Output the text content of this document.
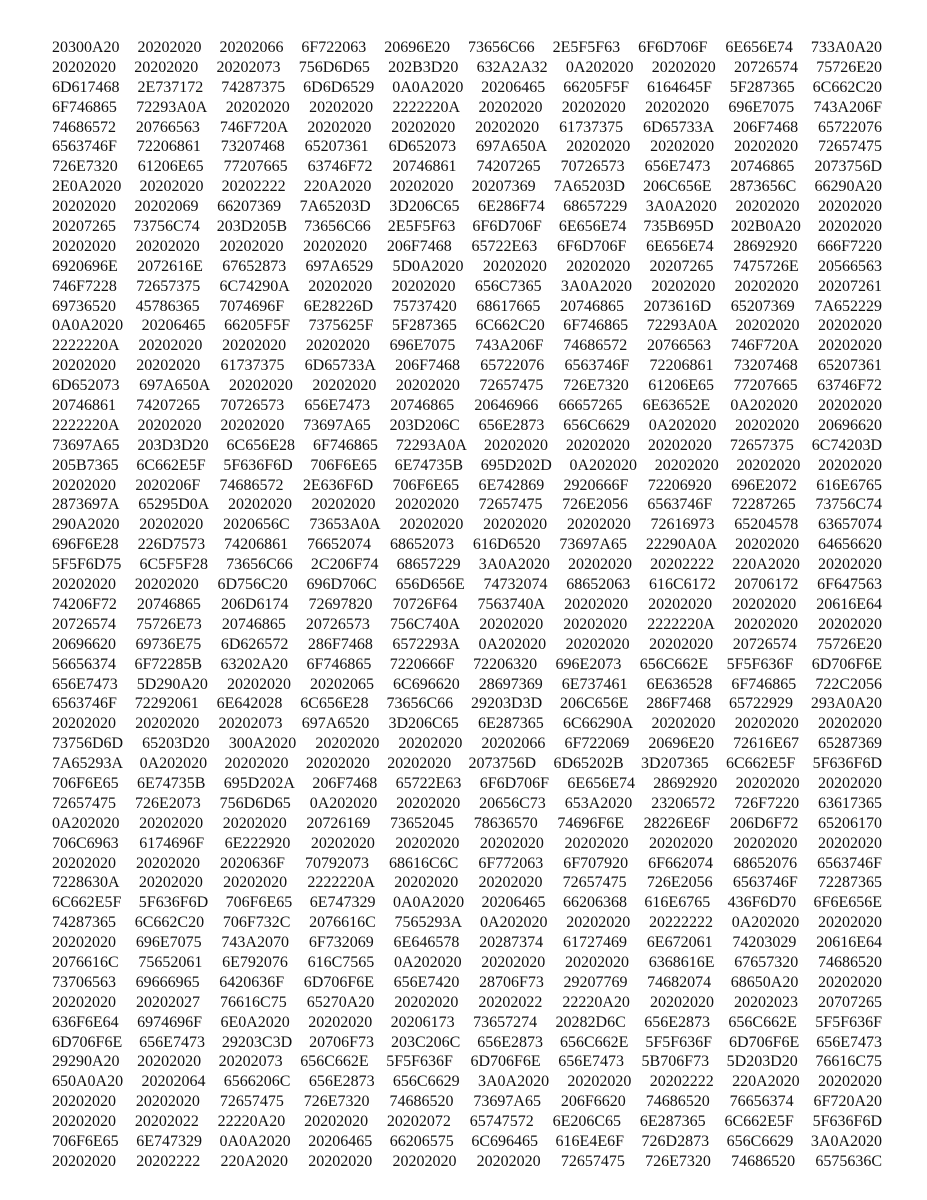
20300A20 20202020 20202066 6F722063 20696E20 73656C66 2E5F5F63 6F6D706F 6E656E74 733A0A20
20202020 20202020 20202073 756D6D65 202B3D20 632A2A32 0A202020 20202020 20726574 75726E20
6D617468 2E737172 74287375 6D6D6529 0A0A2020 20206465 66205F5F 6164645F 5F287365 6C662C20
6F746865 72293A0A 20202020 20202020 2222220A 20202020 20202020 20202020 696E7075 743A206F
74686572 20766563 746F720A 20202020 20202020 20202020 61737375 6D65733A 206F7468 65722076
6563746F 72206861 73207468 65207361 6D652073 697A650A 20202020 20202020 20202020 72657475
726E7320 61206E65 77207665 63746F72 20746861 74207265 70726573 656E7473 20746865 2073756D
2E0A2020 20202020 20202222 220A2020 20202020 20207369 7A65203D 206C656E 2873656C 66290A20
20202020 20202069 66207369 7A65203D 3D206C65 6E286F74 68657229 3A0A2020 20202020 20202020
20207265 73756C74 203D205B 73656C66 2E5F5F63 6F6D706F 6E656E74 735B695D 202B0A20 20202020
20202020 20202020 20202020 20202020 206F7468 65722E63 6F6D706F 6E656E74 28692920 666F7220
6920696E 2072616E 67652873 697A6529 5D0A2020 20202020 20202020 20207265 7475726E 20566563
746F7228 72657375 6C74290A 20202020 20202020 656C7365 3A0A2020 20202020 20202020 20207261
69736520 45786365 7074696F 6E28226D 75737420 68617665 20746865 2073616D 65207369 7A652229
0A0A2020 20206465 66205F5F 7375625F 5F287365 6C662C20 6F746865 72293A0A 20202020 20202020
2222220A 20202020 20202020 20202020 696E7075 743A206F 74686572 20766563 746F720A 20202020
20202020 20202020 61737375 6D65733A 206F7468 65722076 6563746F 72206861 73207468 65207361
6D652073 697A650A 20202020 20202020 20202020 72657475 726E7320 61206E65 77207665 63746F72
20746861 74207265 70726573 656E7473 20746865 20646966 66657265 6E63652E 0A202020 20202020
2222220A 20202020 20202020 73697A65 203D206C 656E2873 656C6629 0A202020 20202020 20696620
73697A65 203D3D20 6C656E28 6F746865 72293A0A 20202020 20202020 20202020 72657375 6C74203D
205B7365 6C662E5F 5F636F6D 706F6E65 6E74735B 695D202D 0A202020 20202020 20202020 20202020
20202020 2020206F 74686572 2E636F6D 706F6E65 6E742869 2920666F 72206920 696E2072 616E6765
2873697A 65295D0A 20202020 20202020 20202020 72657475 726E2056 6563746F 72287265 73756C74
290A2020 20202020 2020656C 73653A0A 20202020 20202020 20202020 72616973 65204578 63657074
696F6E28 226D7573 74206861 76652074 68652073 616D6520 73697A65 22290A0A 20202020 64656620
5F5F6D75 6C5F5F28 73656C66 2C206F74 68657229 3A0A2020 20202020 20202222 220A2020 20202020
20202020 20202020 6D756C20 696D706C 656D656E 74732074 68652063 616C6172 20706172 6F647563
74206F72 20746865 206D6174 72697820 70726F64 7563740A 20202020 20202020 20202020 20616E64
20726574 75726E73 20746865 20726573 756C740A 20202020 20202020 2222220A 20202020 20202020
20696620 69736E75 6D626572 286F7468 6572293A 0A202020 20202020 20202020 20726574 75726E20
56656374 6F72285B 63202A20 6F746865 7220666F 72206320 696E2073 656C662E 5F5F636F 6D706F6E
656E7473 5D290A20 20202020 20202065 6C696620 28697369 6E737461 6E636528 6F746865 722C2056
6563746F 72292061 6E642028 6C656E28 73656C66 29203D3D 206C656E 286F7468 65722929 293A0A20
20202020 20202020 20202073 697A6520 3D206C65 6E287365 6C66290A 20202020 20202020 20202020
73756D6D 65203D20 300A2020 20202020 20202020 20202066 6F722069 20696E20 72616E67 65287369
7A65293A 0A202020 20202020 20202020 20202020 2073756D 6D65202B 3D207365 6C662E5F 5F636F6D
706F6E65 6E74735B 695D202A 206F7468 65722E63 6F6D706F 6E656E74 28692920 20202020 20202020
72657475 726E2073 756D6D65 0A202020 20202020 20656C73 653A2020 23206572 726F7220 63617365
0A202020 20202020 20202020 20726169 73652045 78636570 74696F6E 28226E6F 206D6F72 65206170
706C6963 6174696F 6E222920 20202020 20202020 20202020 20202020 20202020 20202020 20202020
20202020 20202020 2020636F 70792073 68616C6C 6F772063 6F707920 6F662074 68652076 6563746F
7228630A 20202020 20202020 2222220A 20202020 20202020 72657475 726E2056 6563746F 72287365
6C662E5F 5F636F6D 706F6E65 6E747329 0A0A2020 20206465 66206368 616E6765 436F6D70 6F6E656E
74287365 6C662C20 706F732C 2076616C 7565293A 0A202020 20202020 20222222 0A202020 20202020
20202020 696E7075 743A2070 6F732069 6E646578 20287374 61727469 6E672061 74203029 20616E64
2076616C 75652061 6E792076 616C7565 0A202020 20202020 20202020 6368616E 67657320 74686520
73706563 69666965 6420636F 6D706F6E 656E7420 28706F73 29207769 74682074 68650A20 20202020
20202020 20202027 76616C75 65270A20 20202020 20202022 22220A20 20202020 20202023 20707265
636F6E64 6974696F 6E0A2020 20202020 20206173 73657274 20282D6C 656E2873 656C662E 5F5F636F
6D706F6E 656E7473 29203C3D 20706F73 203C206C 656E2873 656C662E 5F5F636F 6D706F6E 656E7473
29290A20 20202020 20202073 656C662E 5F5F636F 6D706F6E 656E7473 5B706F73 5D203D20 76616C75
650A0A20 20202064 6566206C 656E2873 656C6629 3A0A2020 20202020 20202222 220A2020 20202020
20202020 20202020 72657475 726E7320 74686520 73697A65 206F6620 74686520 76656374 6F720A20
20202020 20202022 22220A20 20202020 20202072 65747572 6E206C65 6E287365 6C662E5F 5F636F6D
706F6E65 6E747329 0A0A2020 20206465 66206575 6C696465 616E4E6F 726D2873 656C6629 3A0A2020
20202020 20202222 220A2020 20202020 20202020 20202020 72657475 726E7320 74686520 6575636C
